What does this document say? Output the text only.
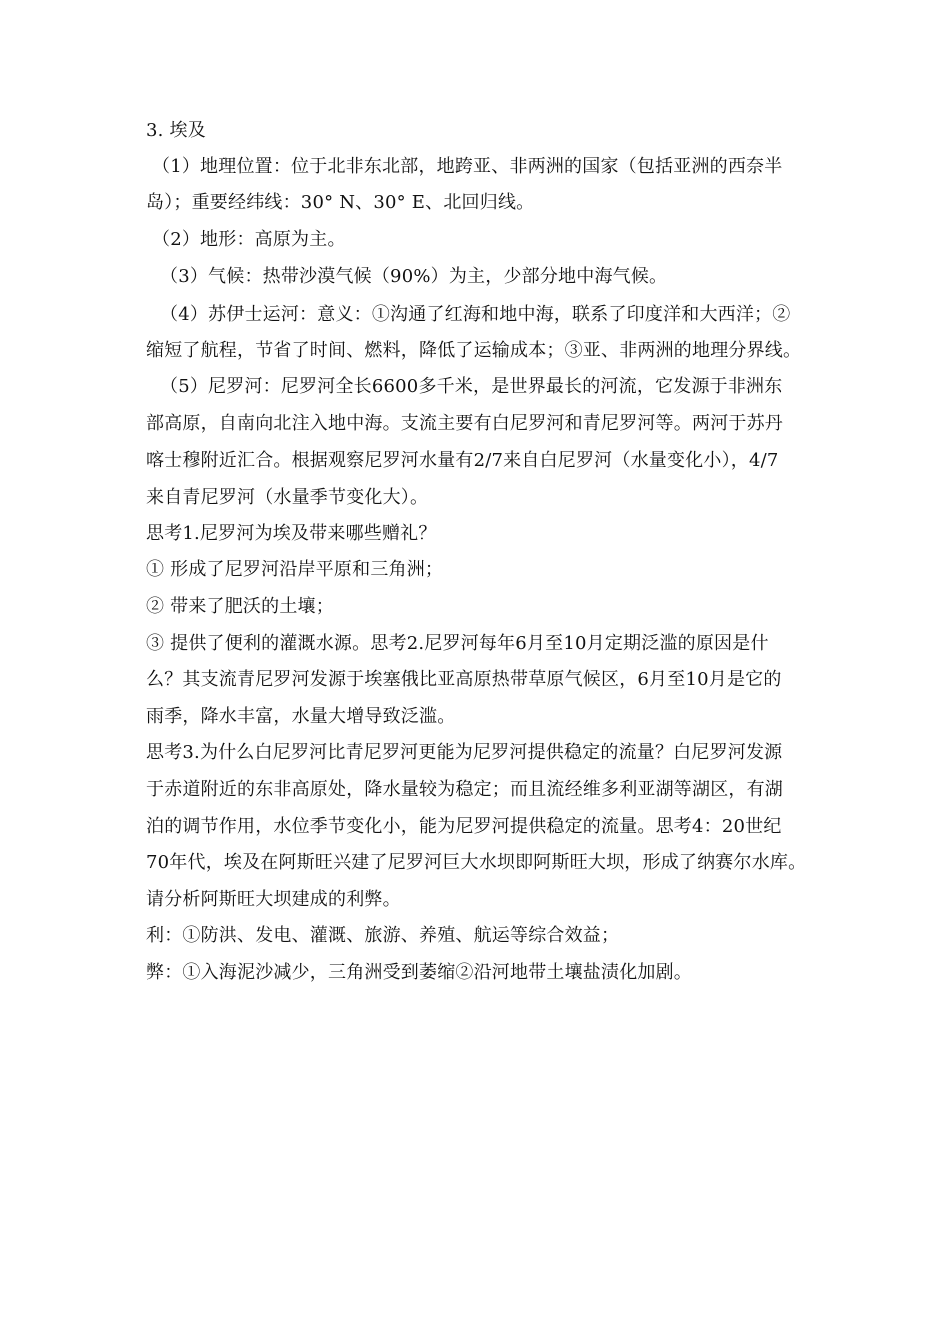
3. 埃及
（1）地理位置：位于北非东北部，地跨亚、非两洲的国家（包括亚洲的西奈半
岛）；重要经纬线：30° N、30° E、北回归线。
（2）地形：高原为主。
（3）气候：热带沙漠气候（90%）为主，少部分地中海气候。
（4）苏伊士运河：意义：①沟通了红海和地中海，联系了印度洋和大西洋；②
缩短了航程，节省了时间、燃料，降低了运输成本；③亚、非两洲的地理分界线。
（5）尼罗河：尼罗河全长6600多千米，是世界最长的河流，它发源于非洲东
部高原，自南向北注入地中海。支流主要有白尼罗河和青尼罗河等。两河于苏丹
喀士穆附近汇合。根据观察尼罗河水量有2/7来自白尼罗河（水量变化小），4/7
来自青尼罗河（水量季节变化大）。
思考1.尼罗河为埃及带来哪些赠礼？
① 形成了尼罗河沿岸平原和三角洲；
② 带来了肥沃的土壤；
③ 提供了便利的灌溉水源。思考2.尼罗河每年6月至10月定期泛滥的原因是什
么？其支流青尼罗河发源于埃塞俄比亚高原热带草原气候区，6月至10月是它的
雨季，降水丰富，水量大增导致泛滥。
思考3.为什么白尼罗河比青尼罗河更能为尼罗河提供稳定的流量？白尼罗河发源
于赤道附近的东非高原处，降水量较为稳定；而且流经维多利亚湖等湖区，有湖
泊的调节作用，水位季节变化小，能为尼罗河提供稳定的流量。思考4：20世纪
70年代，埃及在阿斯旺兴建了尼罗河巨大水坝即阿斯旺大坝，形成了纳赛尔水库。
请分析阿斯旺大坝建成的利弊。
利：①防洪、发电、灌溉、旅游、养殖、航运等综合效益；
弊：①入海泥沙减少，三角洲受到萎缩②沿河地带土壤盐渍化加剧。
